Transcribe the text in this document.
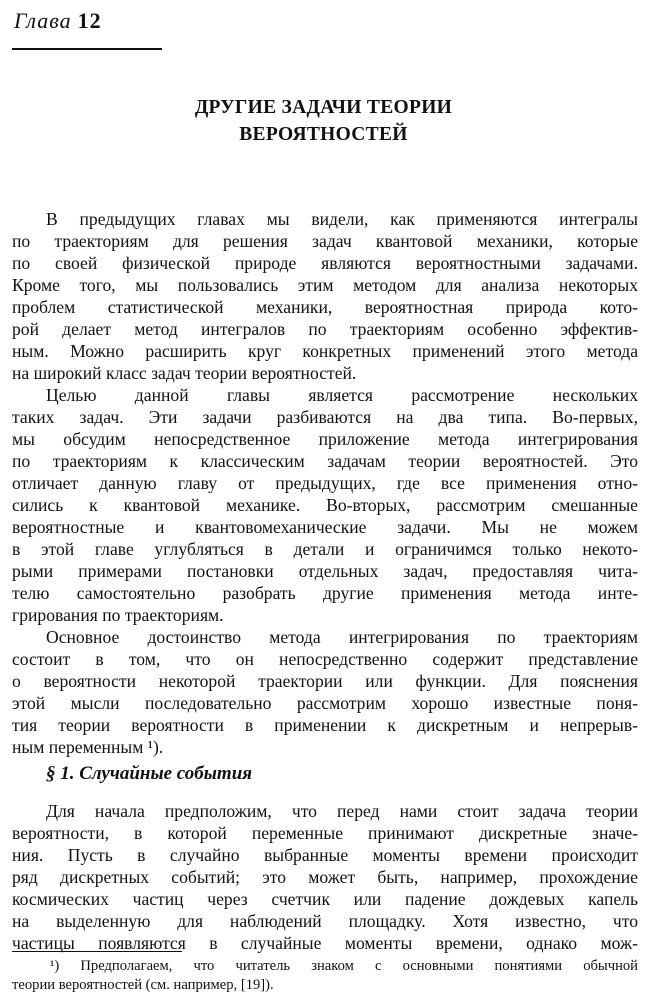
Глава 12
ДРУГИЕ ЗАДАЧИ ТЕОРИИ
ВЕРОЯТНОСТЕЙ
В предыдущих главах мы видели, как применяются интегралы
по траекториям для решения задач квантовой механики, которые
по своей физической природе являются вероятностными задачами.
Кроме того, мы пользовались этим методом для анализа некоторых
проблем статистической механики, вероятностная природа кото-
рой делает метод интегралов по траекториям особенно эффектив-
ным. Можно расширить круг конкретных применений этого метода
на широкий класс задач теории вероятностей.
Целью данной главы является рассмотрение нескольких
таких задач. Эти задачи разбиваются на два типа. Во-первых,
мы обсудим непосредственное приложение метода интегрирования
по траекториям к классическим задачам теории вероятностей. Это
отличает данную главу от предыдущих, где все применения отно-
сились к квантовой механике. Во-вторых, рассмотрим смешанные
вероятностные и квантовомеханические задачи. Мы не можем
в этой главе углубляться в детали и ограничимся только некото-
рыми примерами постановки отдельных задач, предоставляя чита-
телю самостоятельно разобрать другие применения метода инте-
грирования по траекториям.
Основное достоинство метода интегрирования по траекториям
состоит в том, что он непосредственно содержит представление
о вероятности некоторой траектории или функции. Для пояснения
этой мысли последовательно рассмотрим хорошо известные поня-
тия теории вероятности в применении к дискретным и непрерыв-
ным переменным ¹).
§ 1. Случайные события
Для начала предположим, что перед нами стоит задача теории
вероятности, в которой переменные принимают дискретные значе-
ния. Пусть в случайно выбранные моменты времени происходит
ряд дискретных событий; это может быть, например, прохождение
космических частиц через счетчик или падение дождевых капель
на выделенную для наблюдений площадку. Хотя известно, что
частицы появляются в случайные моменты времени, однако мож-
¹) Предполагаем, что читатель знаком с основными понятиями обычной
теории вероятностей (см. например, [19]).
